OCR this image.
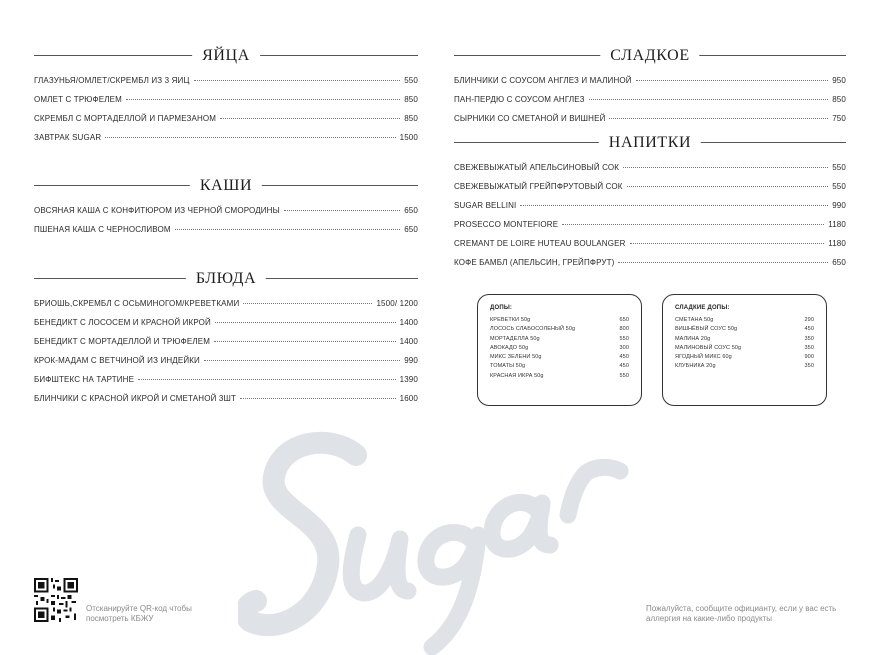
ЯЙЦА
ГЛАЗУНЬЯ/ОМЛЕТ/СКРЕМБЛ ИЗ 3 ЯИЦ	550
ОМЛЕТ С ТРЮФЕЛЕМ	850
СКРЕМБЛ С МОРТАДЕЛЛОЙ И ПАРМЕЗАНОМ	850
ЗАВТРАК SUGAR	1500
КАШИ
ОВСЯНАЯ КАША С КОНФИТЮРОМ ИЗ ЧЕРНОЙ СМОРОДИНЫ	650
ПШЕНАЯ КАША С ЧЕРНОСЛИВОМ	650
БЛЮДА
БРИОШЬ,СКРЕМБЛ С ОСЬМИНОГОМ/КРЕВЕТКАМИ	1500/ 1200
БЕНЕДИКТ С ЛОСОСЕМ И КРАСНОЙ ИКРОЙ	1400
БЕНЕДИКТ С МОРТАДЕЛЛОЙ И ТРЮФЕЛЕМ	1400
КРОК-МАДАМ С ВЕТЧИНОЙ ИЗ ИНДЕЙКИ	990
БИФШТЕКС НА ТАРТИНЕ	1390
БЛИНЧИКИ С КРАСНОЙ ИКРОЙ И СМЕТАНОЙ 3ШТ	1600
СЛАДКОЕ
БЛИНЧИКИ С СОУСОМ АНГЛЕЗ И МАЛИНОЙ	950
ПАН-ПЕРДЮ С СОУСОМ АНГЛЕЗ	850
СЫРНИКИ СО СМЕТАНОЙ И ВИШНЕЙ	750
НАПИТКИ
СВЕЖЕВЫЖАТЫЙ АПЕЛЬСИНОВЫЙ СОК	550
СВЕЖЕВЫЖАТЫЙ ГРЕЙПФРУТОВЫЙ СОК	550
SUGAR BELLINI	990
PROSECCO MONTEFIORE	1180
CREMANT DE LOIRE HUTEAU BOULANGER	1180
КОФЕ БАМБЛ (АПЕЛЬСИН, ГРЕЙПФРУТ)	650
ДОПЫ:
КРЕВЕТКИ 50g	650
ЛОСОСЬ СЛАБОСОЛЕНЫЙ 50g	800
МОРТАДЕЛЛА 50g	550
АВОКАДО 50g	300
МИКС ЗЕЛЕНИ 50g	450
ТОМАТЫ 50g	450
КРАСНАЯ ИКРА 50g	550
СЛАДКИЕ ДОПЫ:
СМЕТАНА 50g	290
ВИШНЁВЫЙ СОУС 50g	450
МАЛИНА 20g	350
МАЛИНОВЫЙ СОУС 50g	350
ЯГОДНЫЙ МИКС 60g	900
КЛУБНИКА 20g	350
Отсканируйте QR-код чтобы посмотреть КБЖУ
Пожалуйста, сообщите официанту, если у вас есть аллергия на какие-либо продукты
